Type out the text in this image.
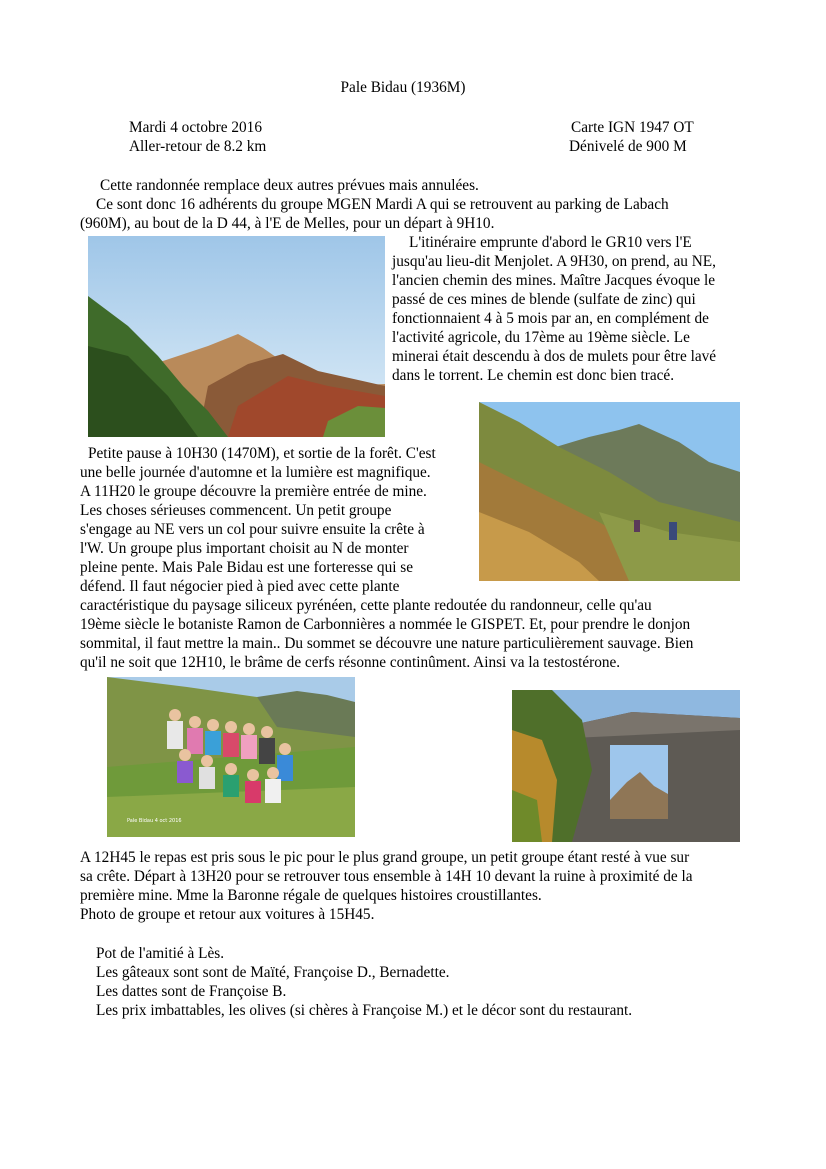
Pale Bidau (1936M)
Mardi 4 octobre 2016
Aller-retour de 8.2 km
Carte IGN 1947 OT
Dénivelé de 900 M
Cette randonnée remplace deux autres prévues mais annulées.
Ce sont donc 16 adhérents du groupe MGEN Mardi A qui se retrouvent au parking de Labach
(960M), au bout de la D 44, à l'E de Melles, pour un départ à 9H10.
L'itinéraire emprunte d'abord le GR10 vers l'E
jusqu'au lieu-dit Menjolet. A 9H30, on prend, au NE,
l'ancien chemin des mines. Maître Jacques évoque le
passé de ces mines de blende (sulfate de zinc) qui
fonctionnaient 4 à 5 mois par an, en complément de
l'activité agricole, du 17ème au 19ème siècle. Le
minerai était descendu à dos de mulets pour être lavé
dans le torrent. Le chemin est donc bien tracé.
Petite pause à 10H30 (1470M), et sortie de la forêt. C'est
une belle journée d'automne et la lumière est magnifique.
A 11H20 le groupe découvre la première entrée de mine.
Les choses sérieuses commencent. Un petit groupe
s'engage au NE vers un col pour suivre ensuite la crête à
l'W. Un groupe plus important choisit au N de monter
pleine pente. Mais Pale Bidau est une forteresse qui se
défend. Il faut négocier pied à pied avec cette plante
caractéristique du paysage siliceux pyrénéen, cette plante redoutée du randonneur, celle qu'au
19ème siècle le botaniste Ramon de Carbonnières a nommée le GISPET. Et, pour prendre le donjon
sommital, il faut mettre la main.. Du sommet se découvre une nature particulièrement sauvage. Bien
qu'il ne soit que 12H10, le brâme de cerfs résonne continûment. Ainsi va la testostérone.
Pale Bidau 4 oct 2016
A 12H45 le repas est pris sous le pic pour le plus grand groupe, un petit groupe étant resté à vue sur
sa crête. Départ à 13H20 pour se retrouver tous ensemble à 14H 10 devant la ruine à proximité de la
première mine. Mme la Baronne régale de quelques histoires croustillantes.
Photo de groupe et retour aux voitures à 15H45.
Pot de l'amitié à Lès.
Les gâteaux sont sont de Maïté, Françoise D., Bernadette.
Les dattes sont de Françoise B.
Les prix imbattables, les olives (si chères à Françoise M.) et le décor sont du restaurant.
